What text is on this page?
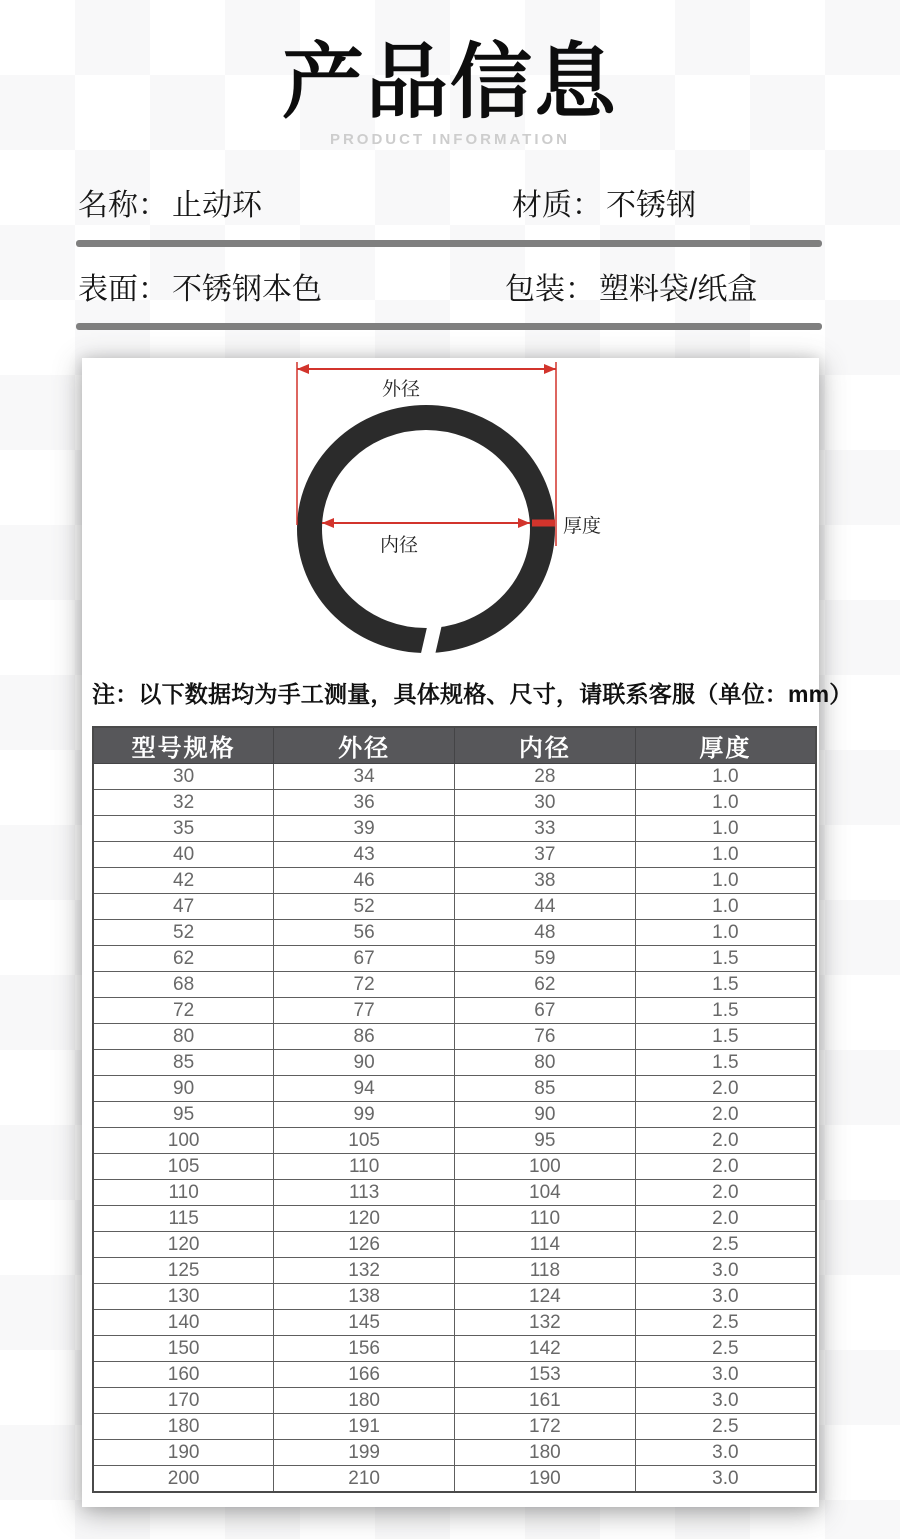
产品信息
PRODUCT INFORMATION
名称： 止动环	材质： 不锈钢
表面： 不锈钢本色	包装： 塑料袋/纸盒
外径
内径
厚度
注：以下数据均为手工测量，具体规格、尺寸，请联系客服（单位：mm）
型号规格	外径	内径	厚度
30	34	28	1.0
32	36	30	1.0
35	39	33	1.0
40	43	37	1.0
42	46	38	1.0
47	52	44	1.0
52	56	48	1.0
62	67	59	1.5
68	72	62	1.5
72	77	67	1.5
80	86	76	1.5
85	90	80	1.5
90	94	85	2.0
95	99	90	2.0
100	105	95	2.0
105	110	100	2.0
110	113	104	2.0
115	120	110	2.0
120	126	114	2.5
125	132	118	3.0
130	138	124	3.0
140	145	132	2.5
150	156	142	2.5
160	166	153	3.0
170	180	161	3.0
180	191	172	2.5
190	199	180	3.0
200	210	190	3.0
